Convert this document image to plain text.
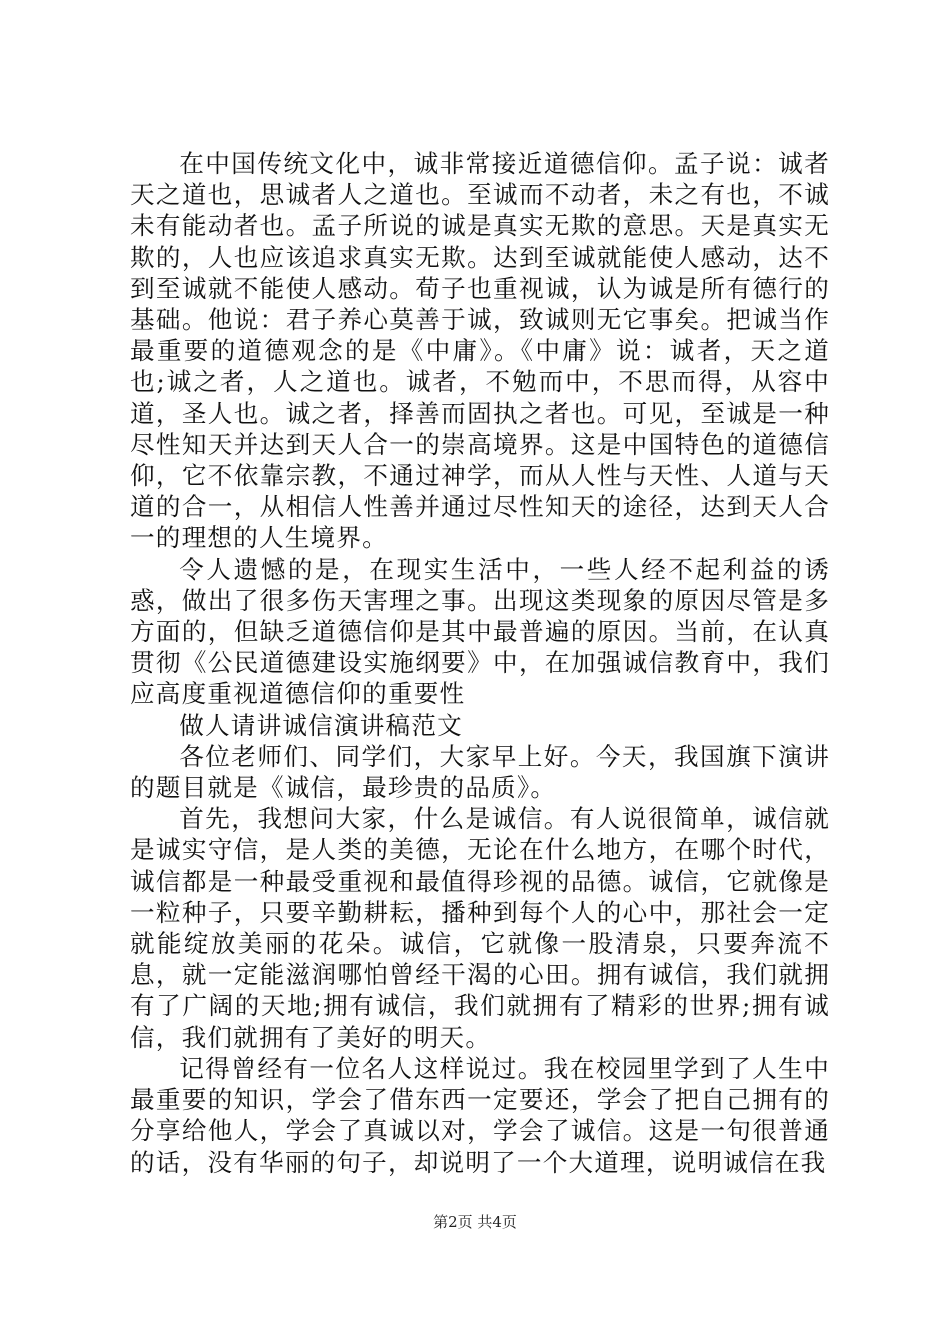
在中国传统文化中，诚非常接近道德信仰。孟子说：诚者天之道也，思诚者人之道也。至诚而不动者，未之有也，不诚未有能动者也。孟子所说的诚是真实无欺的意思。天是真实无欺的，人也应该追求真实无欺。达到至诚就能使人感动，达不到至诚就不能使人感动。荀子也重视诚，认为诚是所有德行的基础。他说：君子养心莫善于诚，致诚则无它事矣。把诚当作最重要的道德观念的是《中庸》。《中庸》说：诚者，天之道也;诚之者，人之道也。诚者，不勉而中，不思而得，从容中道，圣人也。诚之者，择善而固执之者也。可见，至诚是一种尽性知天并达到天人合一的崇高境界。这是中国特色的道德信仰，它不依靠宗教，不通过神学，而从人性与天性、人道与天道的合一，从相信人性善并通过尽性知天的途径，达到天人合一的理想的人生境界。

令人遗憾的是，在现实生活中，一些人经不起利益的诱惑，做出了很多伤天害理之事。出现这类现象的原因尽管是多方面的，但缺乏道德信仰是其中最普遍的原因。当前，在认真贯彻《公民道德建设实施纲要》中，在加强诚信教育中，我们应高度重视道德信仰的重要性

做人请讲诚信演讲稿范文

各位老师们、同学们，大家早上好。今天，我国旗下演讲的题目就是《诚信，最珍贵的品质》。

首先，我想问大家，什么是诚信。有人说很简单，诚信就是诚实守信，是人类的美德，无论在什么地方，在哪个时代，诚信都是一种最受重视和最值得珍视的品德。诚信，它就像是一粒种子，只要辛勤耕耘，播种到每个人的心中，那社会一定就能绽放美丽的花朵。诚信，它就像一股清泉，只要奔流不息，就一定能滋润哪怕曾经干渴的心田。拥有诚信，我们就拥有了广阔的天地;拥有诚信，我们就拥有了精彩的世界;拥有诚信，我们就拥有了美好的明天。

记得曾经有一位名人这样说过。我在校园里学到了人生中最重要的知识，学会了借东西一定要还，学会了把自己拥有的分享给他人，学会了真诚以对，学会了诚信。这是一句很普通的话，没有华丽的句子，却说明了一个大道理，说明诚信在我

第2页 共4页
